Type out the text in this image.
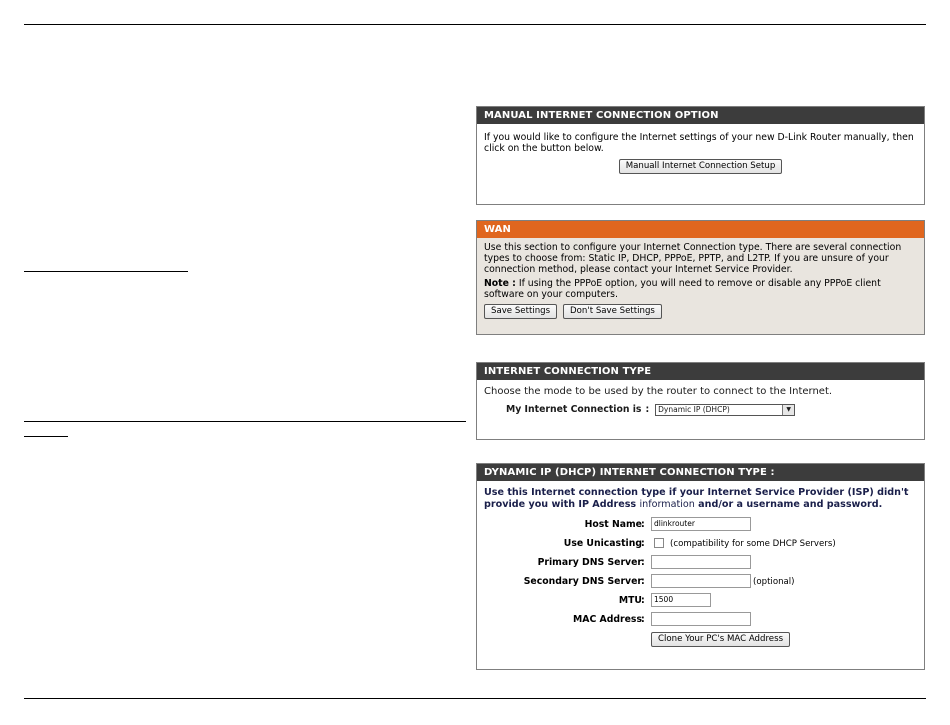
MANUAL INTERNET CONNECTION OPTION
If you would like to configure the Internet settings of your new D-Link Router manually, then click on the button below.
Manuall Internet Connection Setup
WAN
Use this section to configure your Internet Connection type. There are several connection types to choose from: Static IP, DHCP, PPPoE, PPTP, and L2TP. If you are unsure of your connection method, please contact your Internet Service Provider.
Note : If using the PPPoE option, you will need to remove or disable any PPPoE client software on your computers.
Save Settings Don't Save Settings
INTERNET CONNECTION TYPE
Choose the mode to be used by the router to connect to the Internet.
My Internet Connection is : Dynamic IP (DHCP)	▼
DYNAMIC IP (DHCP) INTERNET CONNECTION TYPE :
Use this Internet connection type if your Internet Service Provider (ISP) didn't provide you with IP Address information and/or a username and password.
Host Name :	dlinkrouter
Use Unicasting :	(compatibility for some DHCP Servers)
Primary DNS Server :
Secondary DNS Server :	(optional)
MTU :	1500
MAC Address :
Clone Your PC's MAC Address
